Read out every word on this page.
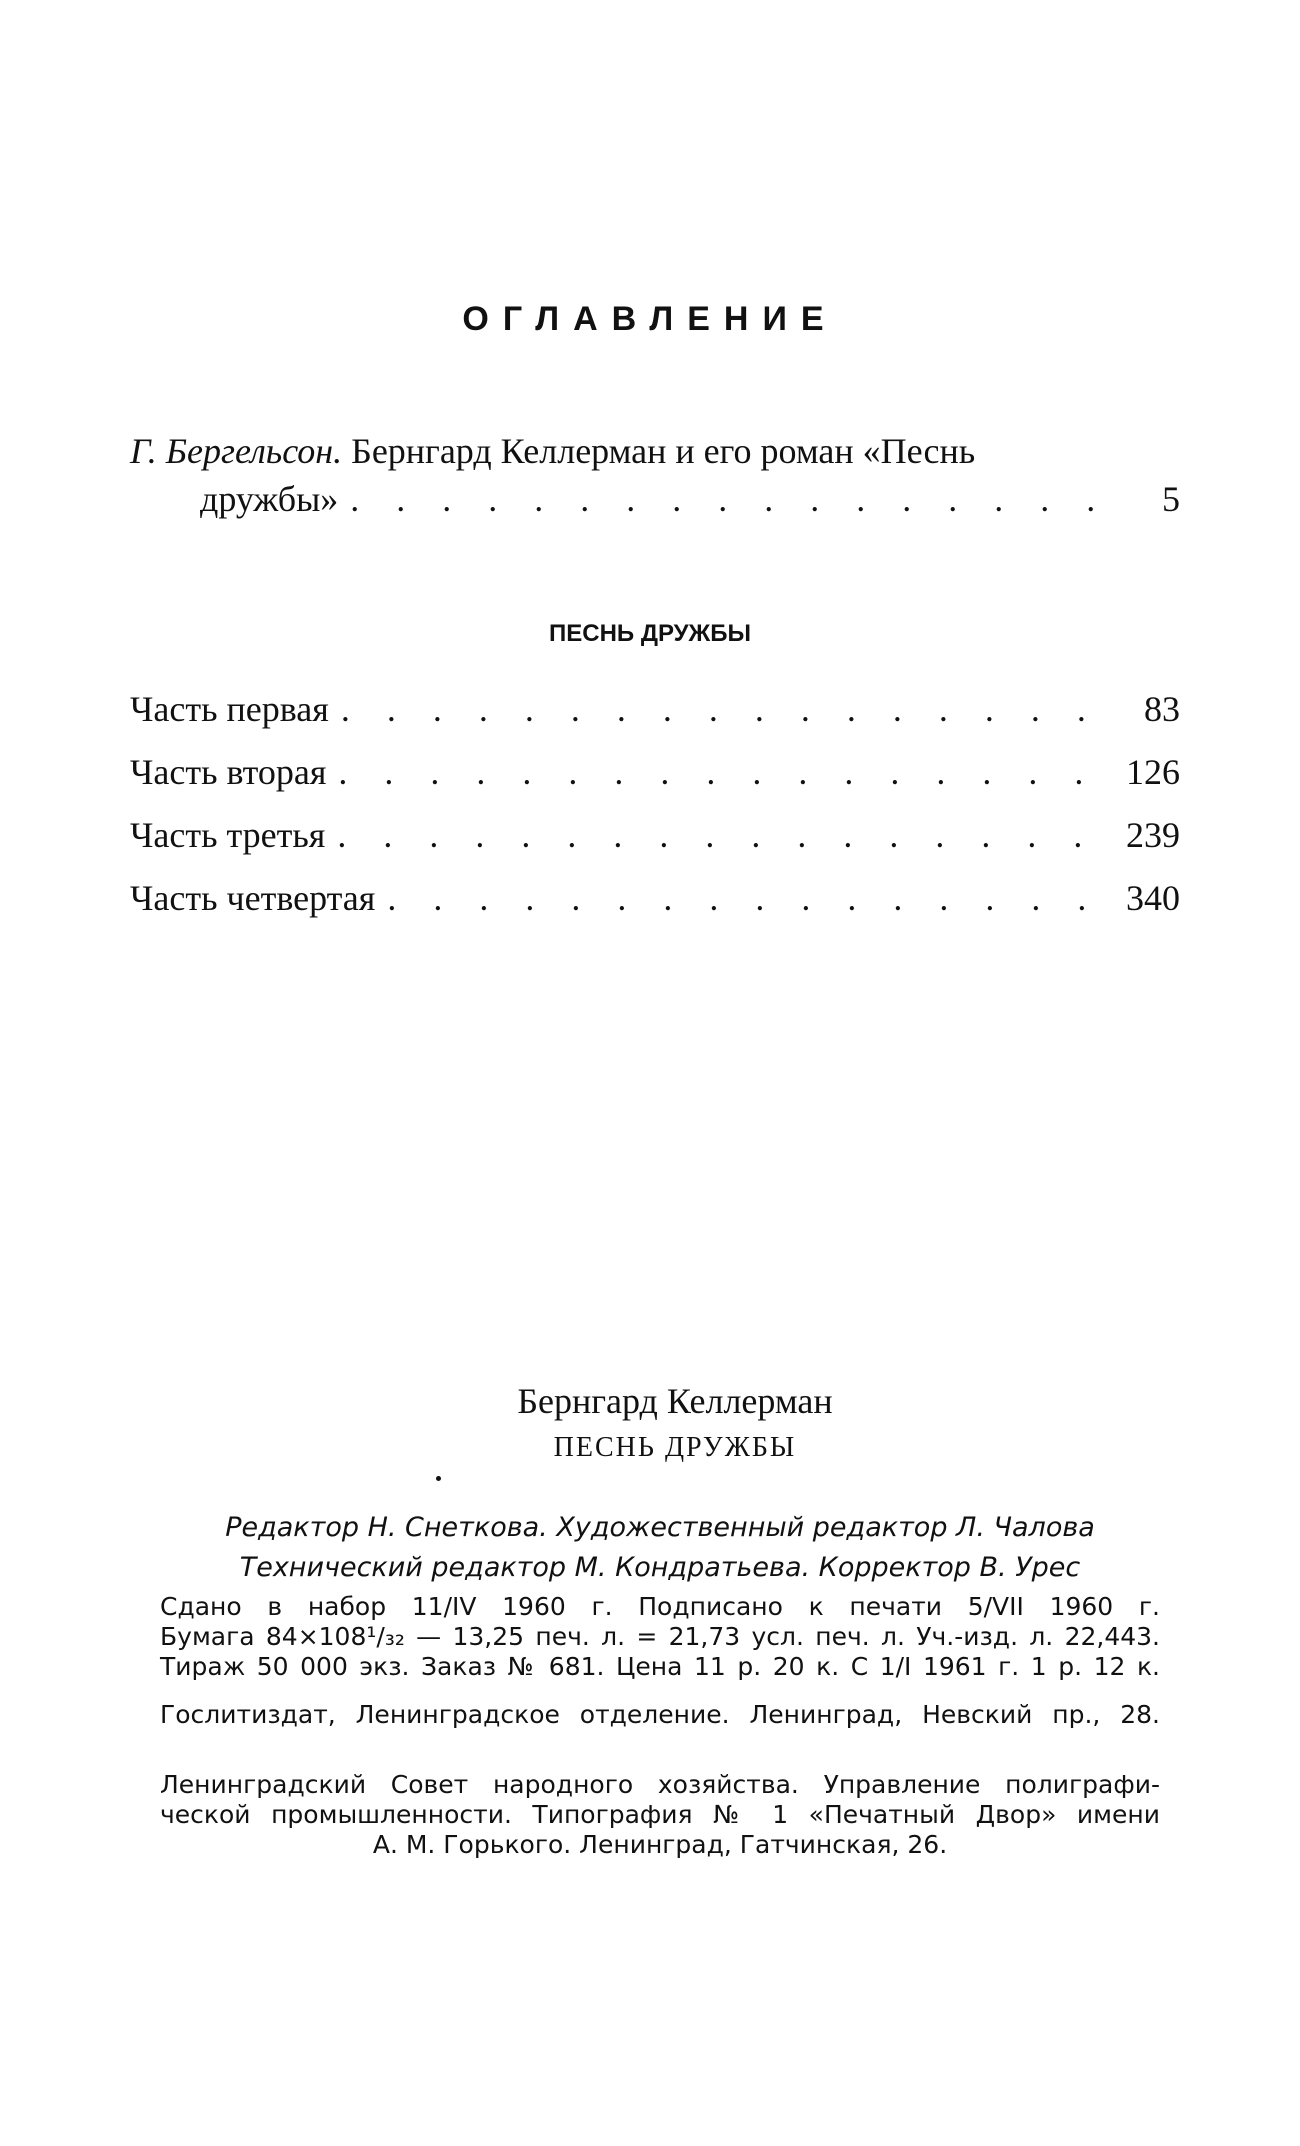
ОГЛАВЛЕНИЕ
Г. Бергельсон. Бернгард Келлерман и его роман «Песнь
дружбы» . . .	5
ПЕСНЬ ДРУЖБЫ
Часть первая . . .	83
Часть вторая . . .	126
Часть третья . . .	239
Часть четвертая . . .	340
Бернгард Келлерман
ПЕСНЬ ДРУЖБЫ
Редактор Н. Снеткова. Художественный редактор Л. Чалова
Технический редактор М. Кондратьева. Корректор В. Урес

Сдано в набор 11/IV 1960 г. Подписано к печати 5/VII 1960 г.

Бумага 84×108¹/₃₂ — 13,25 печ. л. = 21,73 усл. печ. л. Уч.-изд. л. 22,443.

Тираж 50 000 экз. Заказ № 681. Цена 11 р. 20 к. С 1/I 1961 г. 1 р. 12 к.

Гослитиздат, Ленинградское отделение. Ленинград, Невский пр., 28.

Ленинградский Совет народного хозяйства. Управление полиграфи-

ческой промышленности. Типография № 1 «Печатный Двор» имени

А. М. Горького. Ленинград, Гатчинская, 26.
